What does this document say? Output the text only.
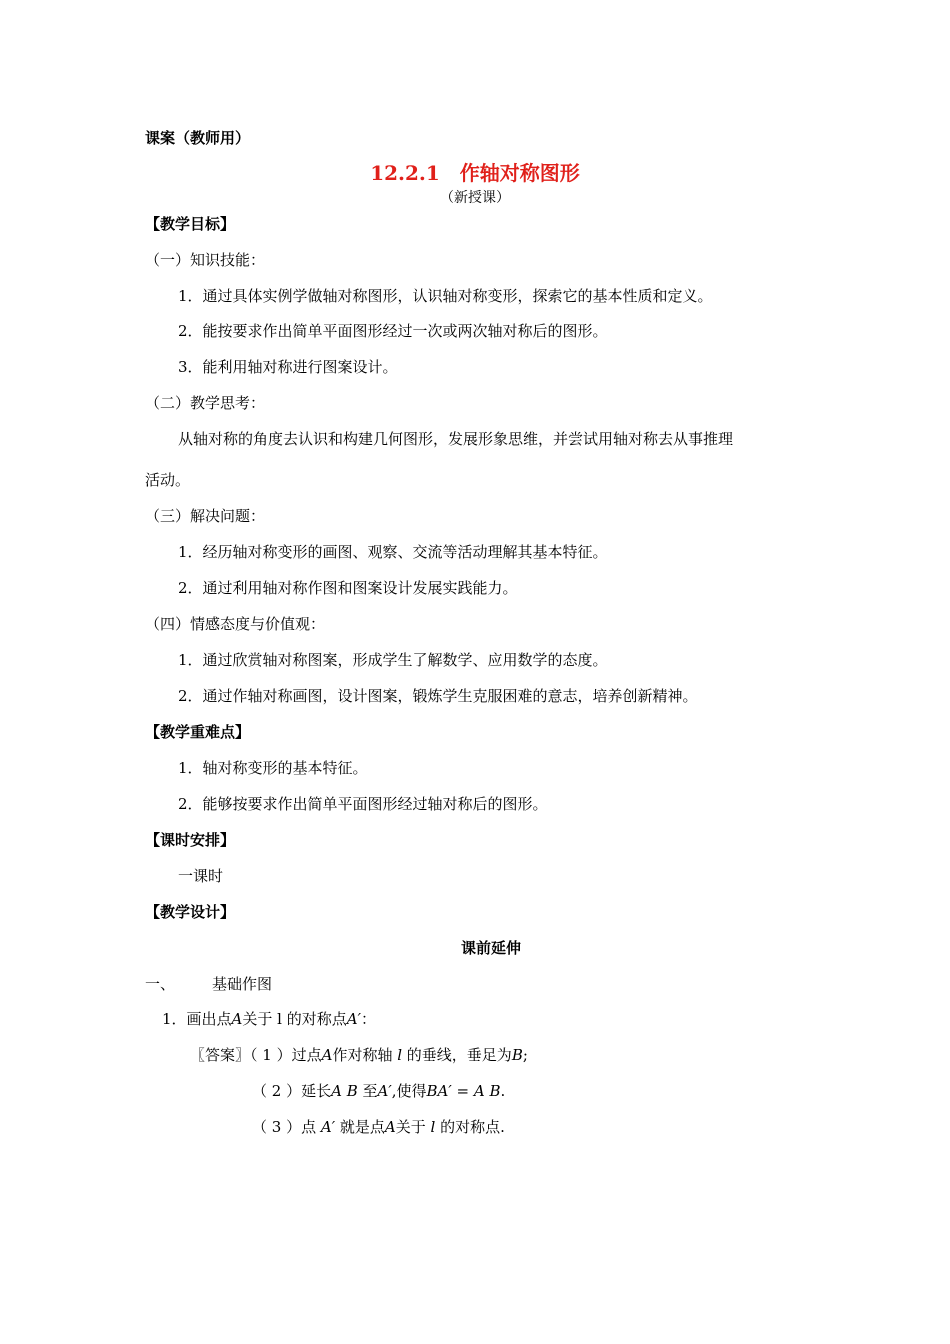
课案（教师用）
12.2.1　作轴对称图形
（新授课）
【教学目标】
（一）知识技能：
1．通过具体实例学做轴对称图形，认识轴对称变形，探索它的基本性质和定义。
2．能按要求作出简单平面图形经过一次或两次轴对称后的图形。
3．能利用轴对称进行图案设计。
（二）教学思考：
从轴对称的角度去认识和构建几何图形，发展形象思维，并尝试用轴对称去从事推理
活动。
（三）解决问题：
1．经历轴对称变形的画图、观察、交流等活动理解其基本特征。
2．通过利用轴对称作图和图案设计发展实践能力。
（四）情感态度与价值观：
1．通过欣赏轴对称图案，形成学生了解数学、应用数学的态度。
2．通过作轴对称画图，设计图案，锻炼学生克服困难的意志，培养创新精神。
【教学重难点】
1．轴对称变形的基本特征。
2．能够按要求作出简单平面图形经过轴对称后的图形。
【课时安排】
一课时
【教学设计】
课前延伸
一、 基础作图
1．画出点A关于 l 的对称点A′：
〖答案〗（ 1 ）过点A作对称轴 l 的垂线，垂足为B;
（ 2 ）延长A B 至A′,使得BA′ = A B.
（ 3 ）点 A′ 就是点A关于 l 的对称点.
